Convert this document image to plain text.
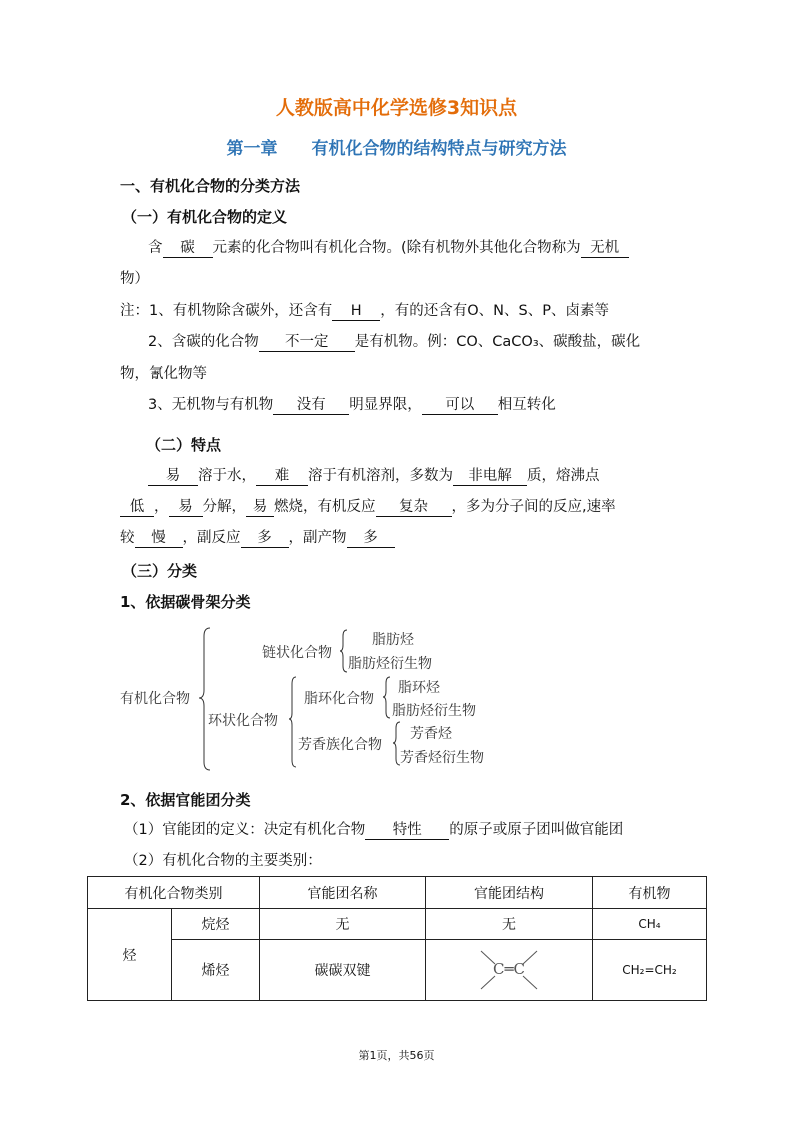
人教版高中化学选修3知识点
第一章　　有机化合物的结构特点与研究方法
一、有机化合物的分类方法
（一）有机化合物的定义
含 碳 元素的化合物叫有机化合物。(除有机物外其他化合物称为 无机
物）
注：1、有机物除含碳外，还含有 H ，有的还含有O、N、S、P、卤素等
2、含碳的化合物 不一定 是有机物。例：CO、CaCO₃、碳酸盐，碳化
物，氰化物等
3、无机物与有机物 没有 明显界限， 可以 相互转化
（二）特点
易 溶于水， 难 溶于有机溶剂，多数为 非电解 质，熔沸点
低 ， 易 分解， 易 燃烧，有机反应 复杂 ，多为分子间的反应,速率
较 慢 ，副反应 多 ，副产物 多
（三）分类
1、依据碳骨架分类
有机化合物
链状化合物
脂肪烃
脂肪烃衍生物
环状化合物
脂环化合物
脂环烃
脂肪烃衍生物
芳香族化合物
芳香烃
芳香烃衍生物
2、依据官能团分类
（1）官能团的定义：决定有机化合物 特性 的原子或原子团叫做官能团
（2）有机化合物的主要类别：
有机化合物类别		官能团名称	官能团结构	有机物
烃	烷烃	无	无	CH₄
	烯烃	碳碳双键	C═C	CH₂=CH₂
第1页，共56页
